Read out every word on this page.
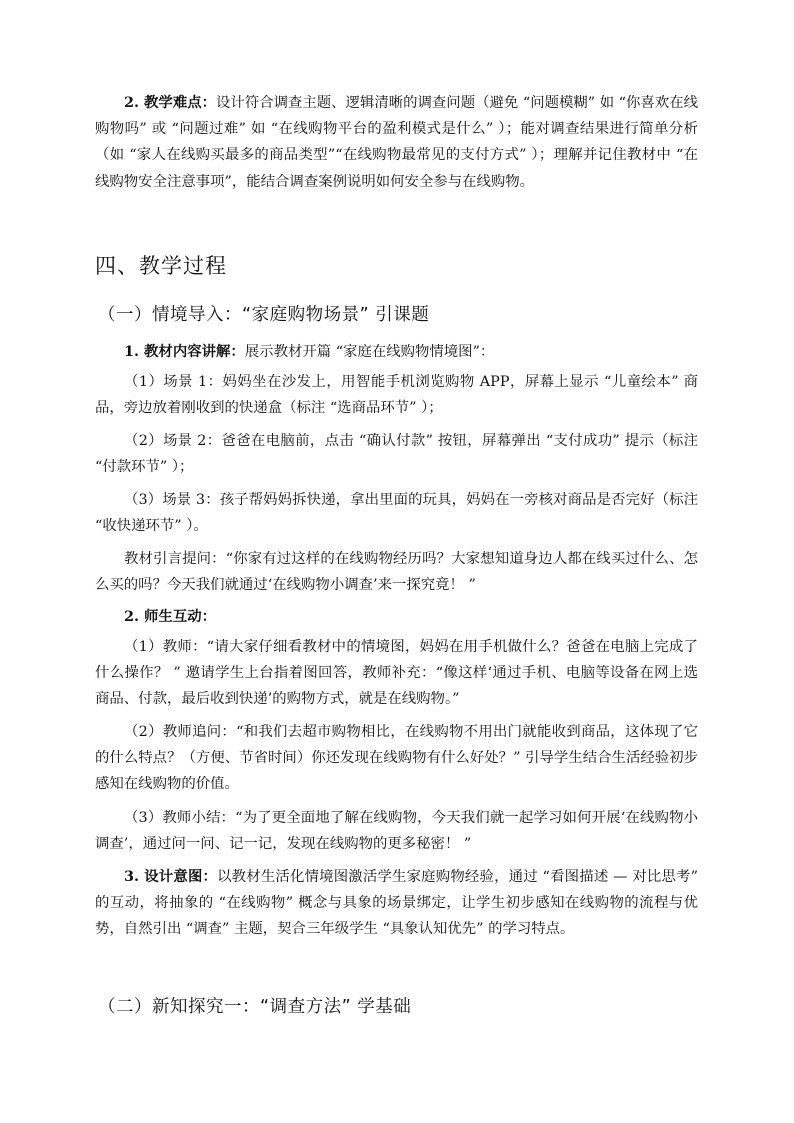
2. 教学难点：设计符合调查主题、逻辑清晰的调查问题（避免 “问题模糊” 如 “你喜欢在线购物吗” 或 “问题过难” 如 “在线购物平台的盈利模式是什么” ）；能对调查结果进行简单分析（如 “家人在线购买最多的商品类型”“在线购物最常见的支付方式” ）；理解并记住教材中 “在线购物安全注意事项”，能结合调查案例说明如何安全参与在线购物。

四、教学过程
（一）情境导入：“家庭购物场景” 引课题

1. 教材内容讲解：展示教材开篇 “家庭在线购物情境图”：

（1）场景 1：妈妈坐在沙发上，用智能手机浏览购物 APP，屏幕上显示 “儿童绘本” 商品，旁边放着刚收到的快递盒（标注 “选商品环节” ）；

（2）场景 2：爸爸在电脑前，点击 “确认付款” 按钮，屏幕弹出 “支付成功” 提示（标注 “付款环节” ）；

（3）场景 3：孩子帮妈妈拆快递，拿出里面的玩具，妈妈在一旁核对商品是否完好（标注 “收快递环节” ）。

教材引言提问：“你家有过这样的在线购物经历吗？大家想知道身边人都在线买过什么、怎么买的吗？今天我们就通过‘在线购物小调查’来一探究竟！ ”

2. 师生互动：

（1）教师：“请大家仔细看教材中的情境图，妈妈在用手机做什么？爸爸在电脑上完成了什么操作？ ” 邀请学生上台指着图回答，教师补充：“像这样‘通过手机、电脑等设备在网上选商品、付款，最后收到快递’的购物方式，就是在线购物。”

（2）教师追问：“和我们去超市购物相比，在线购物不用出门就能收到商品，这体现了它的什么特点？（方便、节省时间）你还发现在线购物有什么好处？” 引导学生结合生活经验初步感知在线购物的价值。

（3）教师小结：“为了更全面地了解在线购物，今天我们就一起学习如何开展‘在线购物小调查’，通过问一问、记一记，发现在线购物的更多秘密！ ”

3. 设计意图：以教材生活化情境图激活学生家庭购物经验，通过 “看图描述 — 对比思考” 的互动，将抽象的 “在线购物” 概念与具象的场景绑定，让学生初步感知在线购物的流程与优势，自然引出 “调查” 主题，契合三年级学生 “具象认知优先” 的学习特点。

（二）新知探究一：“调查方法” 学基础
